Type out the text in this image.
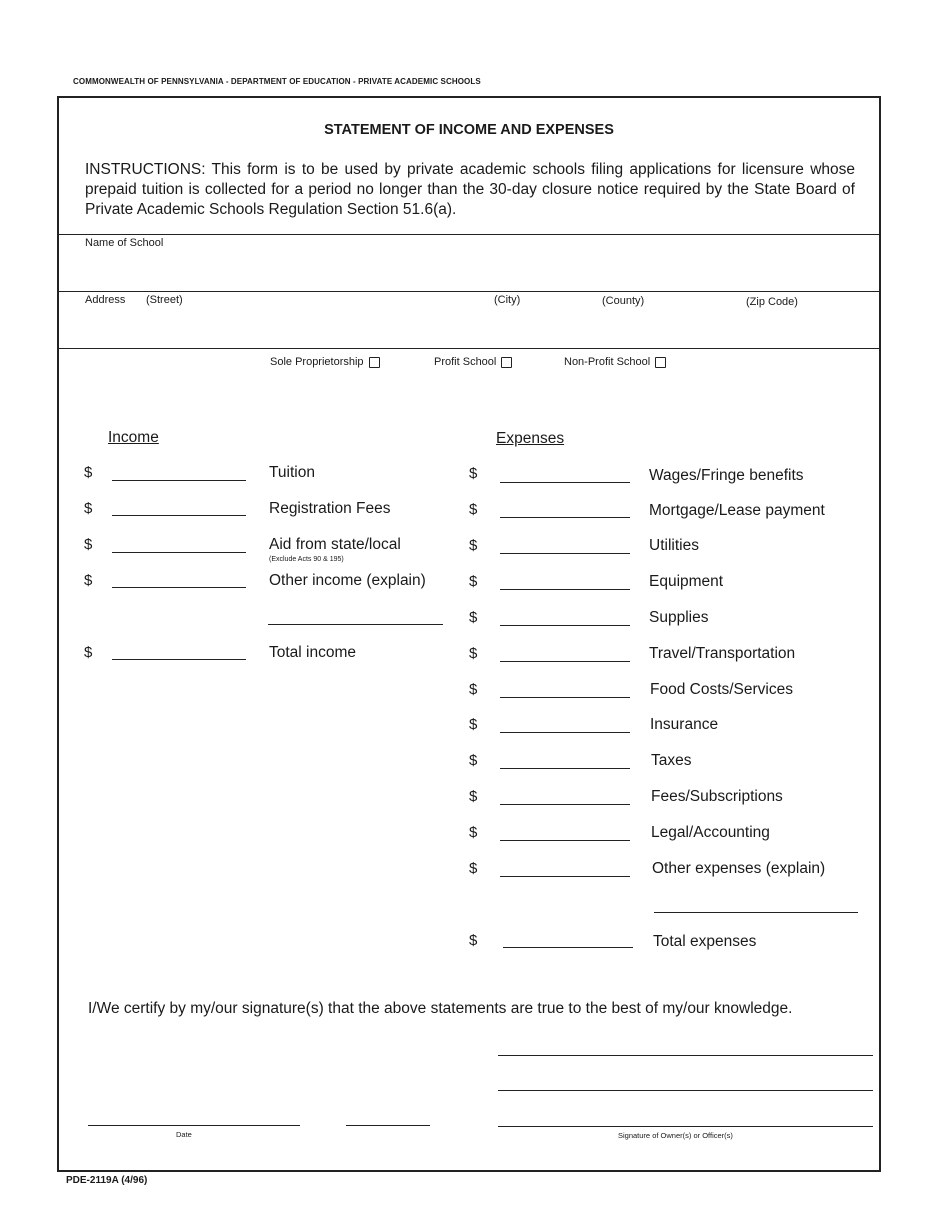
COMMONWEALTH OF PENNSYLVANIA - DEPARTMENT OF EDUCATION - PRIVATE ACADEMIC SCHOOLS
STATEMENT OF INCOME AND EXPENSES
INSTRUCTIONS: This form is to be used by private academic schools filing applications for licensure whose prepaid tuition is collected for a period no longer than the 30-day closure notice required by the State Board of Private Academic Schools Regulation Section 51.6(a).
Name of School
Address (Street)	(City)	(County)	(Zip Code)
Sole Proprietorship	Profit School	Non-Profit School
Income	Expenses
$	Tuition
$	Registration Fees
$	Aid from state/local
(Exclude Acts 90 & 195)
$	Other income (explain)
$	Total income
$	Wages/Fringe benefits
$	Mortgage/Lease payment
$	Utilities
$	Equipment
$	Supplies
$	Travel/Transportation
$	Food Costs/Services
$	Insurance
$	Taxes
$	Fees/Subscriptions
$	Legal/Accounting
$	Other expenses (explain)
$	Total expenses
I/We certify by my/our signature(s) that the above statements are true to the best of my/our knowledge.
Signature of Owner(s) or Officer(s)
Date
PDE-2119A (4/96)
